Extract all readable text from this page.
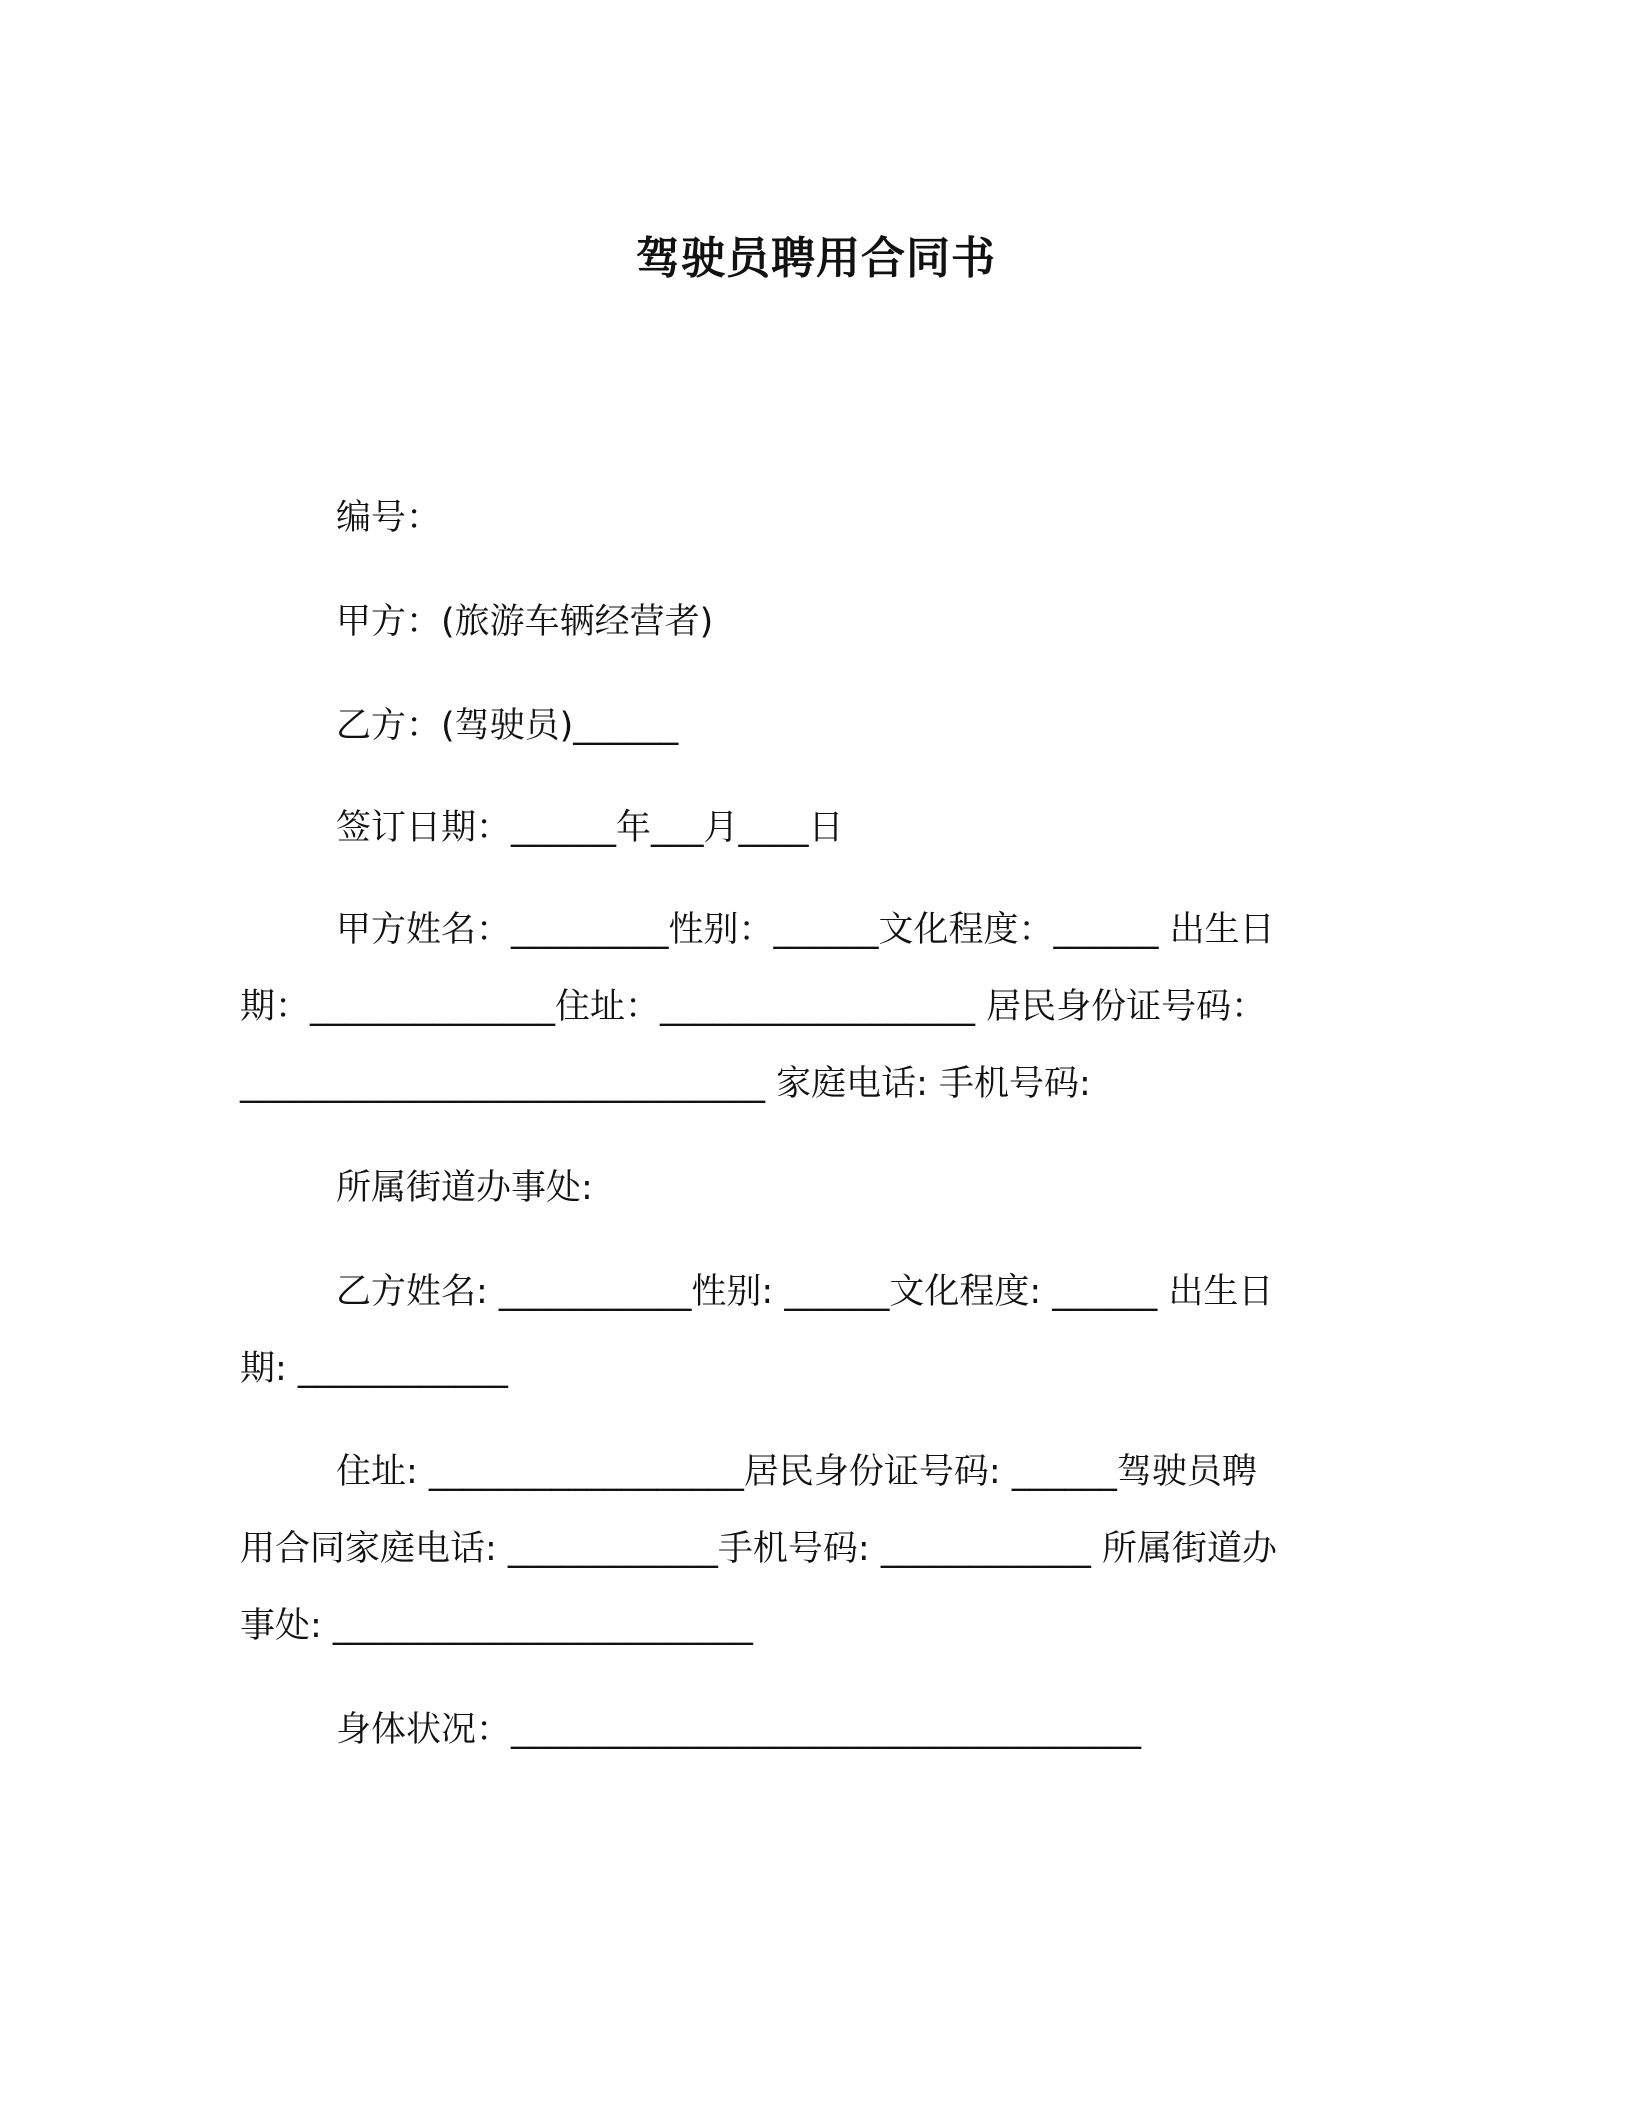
驾驶员聘用合同书
编号：
甲方：(旅游车辆经营者)
乙方：(驾驶员)______
签订日期：______年___月____日
甲方姓名：_________性别：______文化程度：______ 出生日
期：______________住址：__________________ 居民身份证号码：
______________________________ 家庭电话: 手机号码:
所属街道办事处:
乙方姓名: ___________性别: ______文化程度: ______ 出生日
期: ____________
住址: __________________居民身份证号码: ______驾驶员聘
用合同家庭电话: ____________手机号码: ____________ 所属街道办
事处: ________________________
身体状况：____________________________________
